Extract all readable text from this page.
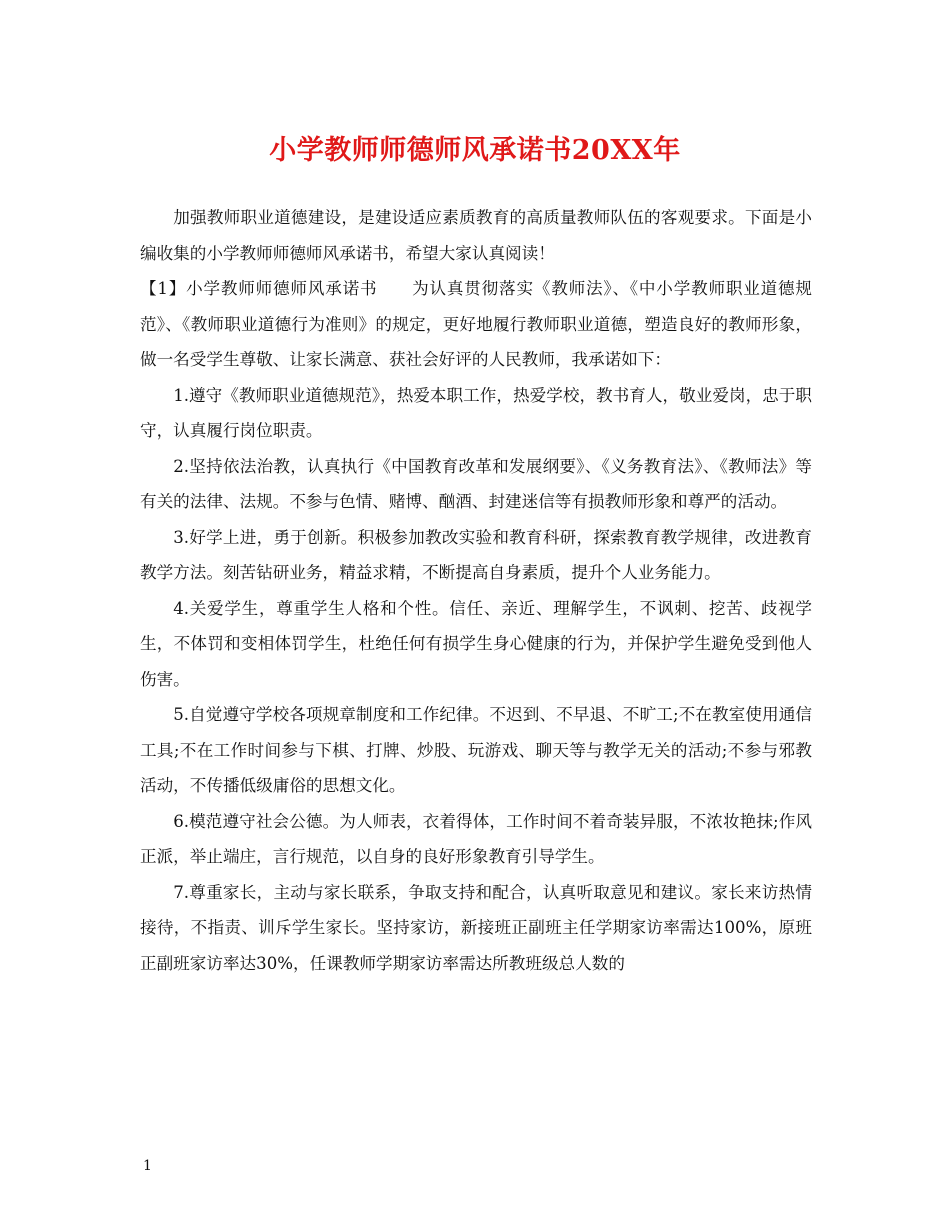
小学教师师德师风承诺书20XX年

加强教师职业道德建设，是建设适应素质教育的高质量教师队伍的客观要求。下面是小编收集的小学教师师德师风承诺书，希望大家认真阅读！

【1】小学教师师德师风承诺书　　为认真贯彻落实《教师法》、《中小学教师职业道德规范》、《教师职业道德行为准则》的规定，更好地履行教师职业道德，塑造良好的教师形象，做一名受学生尊敬、让家长满意、获社会好评的人民教师，我承诺如下：

1.遵守《教师职业道德规范》，热爱本职工作，热爱学校，教书育人，敬业爱岗，忠于职守，认真履行岗位职责。

2.坚持依法治教，认真执行《中国教育改革和发展纲要》、《义务教育法》、《教师法》等有关的法律、法规。不参与色情、赌博、酗酒、封建迷信等有损教师形象和尊严的活动。

3.好学上进，勇于创新。积极参加教改实验和教育科研，探索教育教学规律，改进教育教学方法。刻苦钻研业务，精益求精，不断提高自身素质，提升个人业务能力。

4.关爱学生，尊重学生人格和个性。信任、亲近、理解学生，不讽刺、挖苦、歧视学生，不体罚和变相体罚学生，杜绝任何有损学生身心健康的行为，并保护学生避免受到他人伤害。

5.自觉遵守学校各项规章制度和工作纪律。不迟到、不早退、不旷工;不在教室使用通信工具;不在工作时间参与下棋、打牌、炒股、玩游戏、聊天等与教学无关的活动;不参与邪教活动，不传播低级庸俗的思想文化。

6.模范遵守社会公德。为人师表，衣着得体，工作时间不着奇装异服，不浓妆艳抹;作风正派，举止端庄，言行规范，以自身的良好形象教育引导学生。

7.尊重家长，主动与家长联系，争取支持和配合，认真听取意见和建议。家长来访热情接待，不指责、训斥学生家长。坚持家访，新接班正副班主任学期家访率需达100%，原班正副班家访率达30%，任课教师学期家访率需达所教班级总人数的

1
